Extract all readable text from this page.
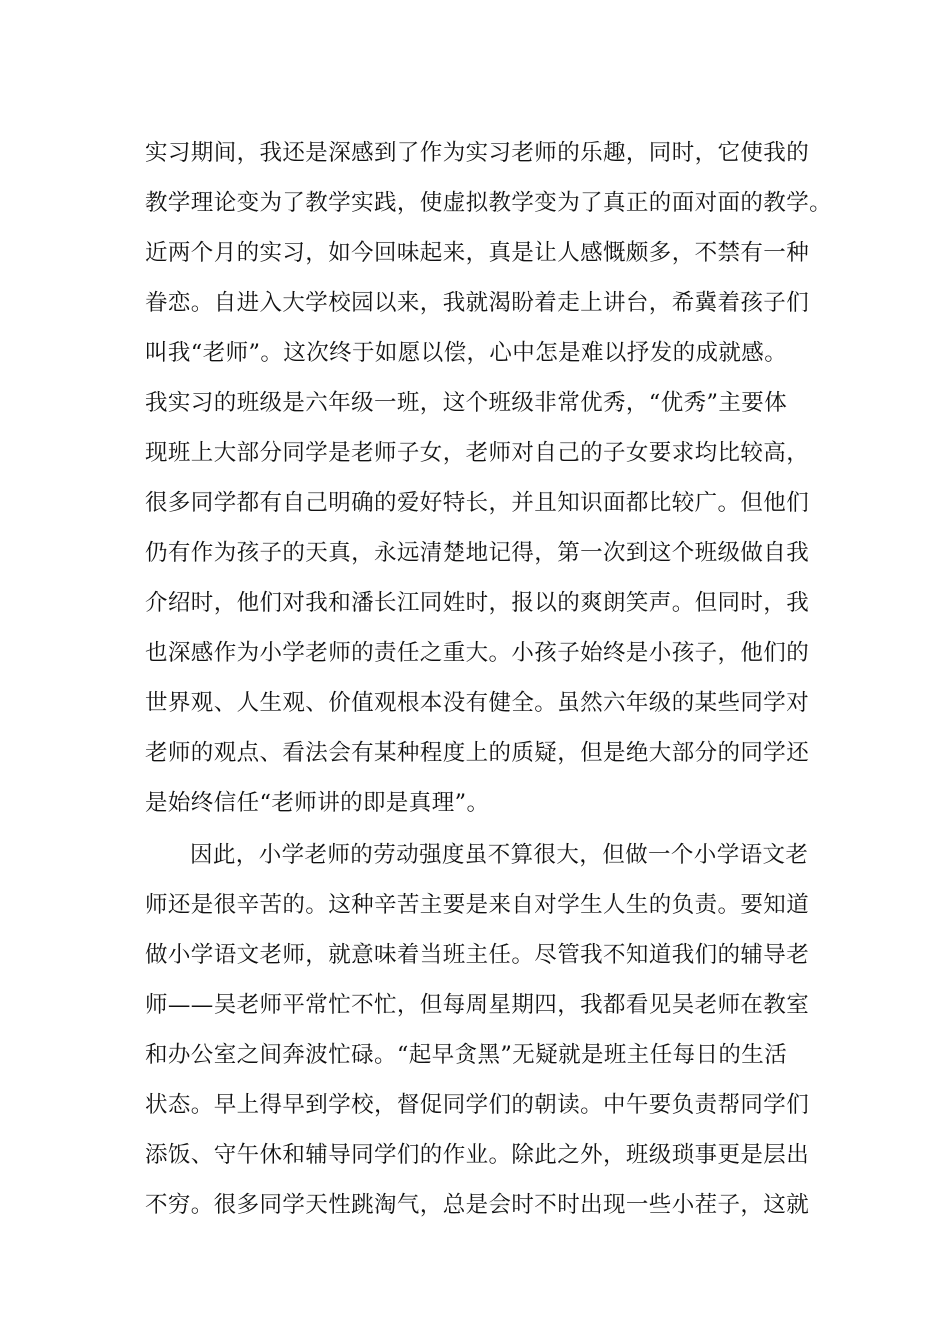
实习期间，我还是深感到了作为实习老师的乐趣，同时，它使我的
教学理论变为了教学实践，使虚拟教学变为了真正的面对面的教学。
近两个月的实习，如今回味起来，真是让人感慨颇多，不禁有一种
眷恋。自进入大学校园以来，我就渴盼着走上讲台，希冀着孩子们
叫我“老师”。这次终于如愿以偿，心中怎是难以抒发的成就感。
我实习的班级是六年级一班，这个班级非常优秀，“优秀”主要体
现班上大部分同学是老师子女，老师对自己的子女要求均比较高，
很多同学都有自己明确的爱好特长，并且知识面都比较广。但他们
仍有作为孩子的天真，永远清楚地记得，第一次到这个班级做自我
介绍时，他们对我和潘长江同姓时，报以的爽朗笑声。但同时，我
也深感作为小学老师的责任之重大。小孩子始终是小孩子，他们的
世界观、人生观、价值观根本没有健全。虽然六年级的某些同学对
老师的观点、看法会有某种程度上的质疑，但是绝大部分的同学还
是始终信任“老师讲的即是真理”。

因此，小学老师的劳动强度虽不算很大，但做一个小学语文老
师还是很辛苦的。这种辛苦主要是来自对学生人生的负责。要知道
做小学语文老师，就意味着当班主任。尽管我不知道我们的辅导老
师——吴老师平常忙不忙，但每周星期四，我都看见吴老师在教室
和办公室之间奔波忙碌。“起早贪黑”无疑就是班主任每日的生活
状态。早上得早到学校，督促同学们的朝读。中午要负责帮同学们
添饭、守午休和辅导同学们的作业。除此之外，班级琐事更是层出
不穷。很多同学天性跳淘气，总是会时不时出现一些小茬子，这就
